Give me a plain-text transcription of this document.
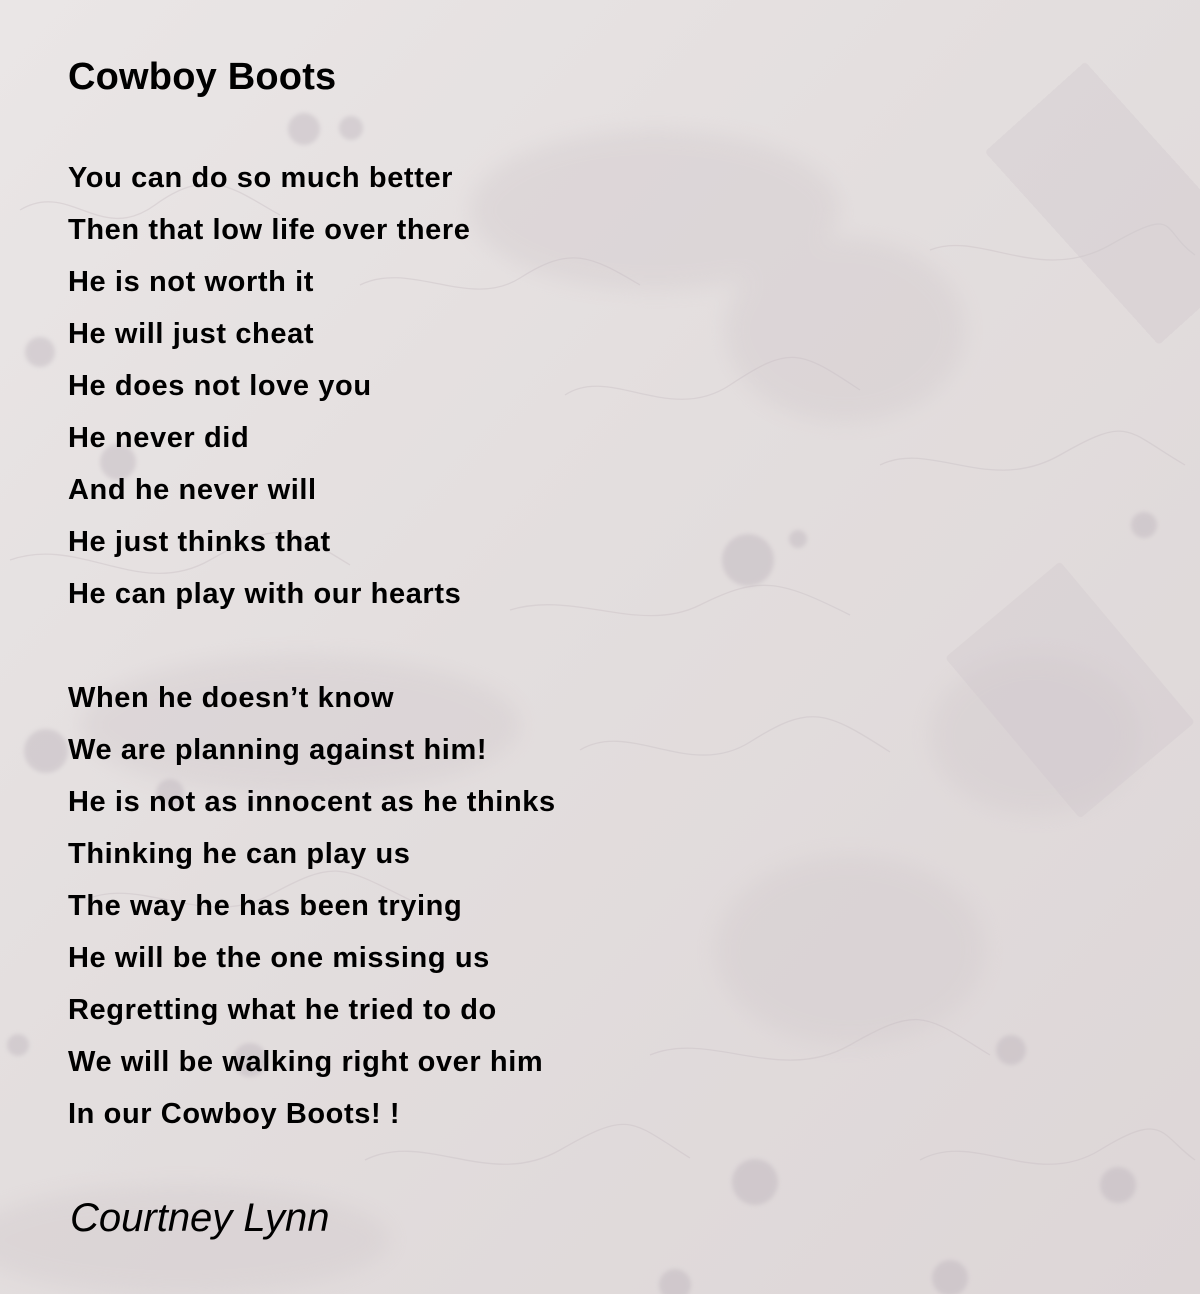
Cowboy Boots
You can do so much better
Then that low life over there
He is not worth it
He will just cheat
He does not love you
He never did
And he never will
He just thinks that
He can play with our hearts
When he doesn’t know
We are planning against him!
He is not as innocent as he thinks
Thinking he can play us
The way he has been trying
He will be the one missing us
Regretting what he tried to do
We will be walking right over him
In our Cowboy Boots! !

Courtney Lynn
